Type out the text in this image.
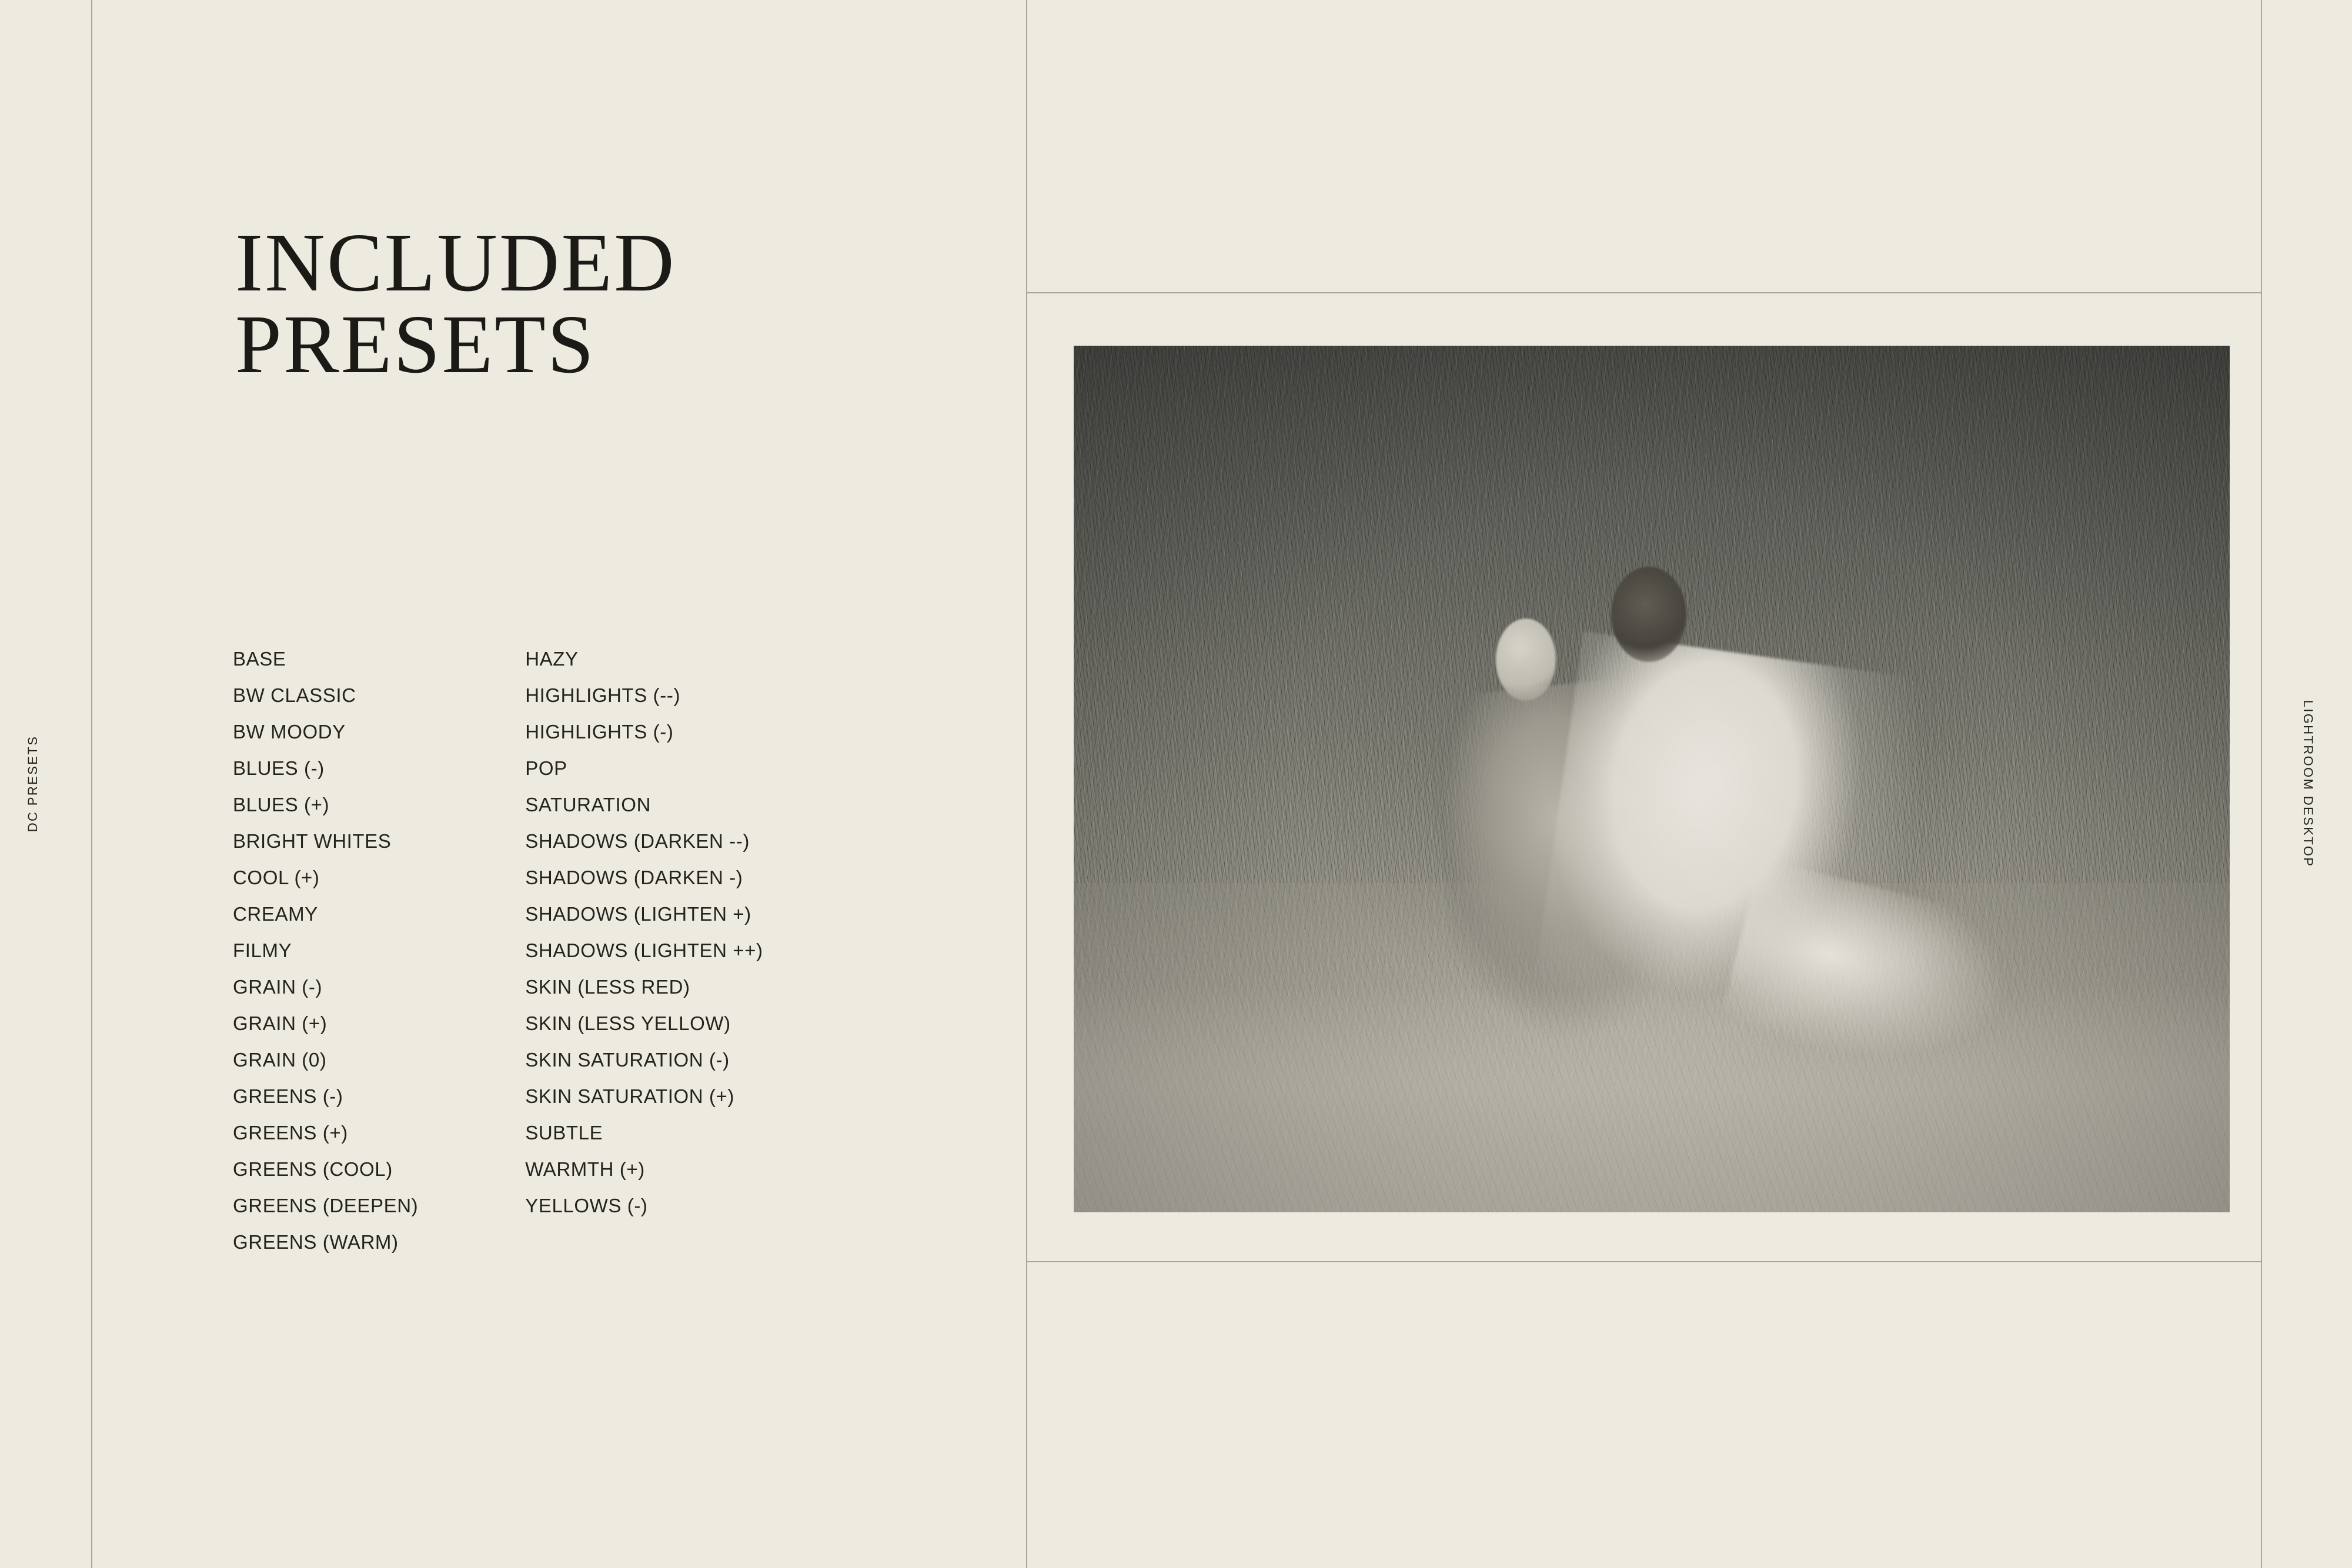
DC PRESETS	LIGHTROOM DESKTOP
INCLUDED
PRESETS
BASE
BW CLASSIC
BW MOODY
BLUES (-)
BLUES (+)
BRIGHT WHITES
COOL (+)
CREAMY
FILMY
GRAIN (-)
GRAIN (+)
GRAIN (0)
GREENS (-)
GREENS (+)
GREENS (COOL)
GREENS (DEEPEN)
GREENS (WARM)
HAZY
HIGHLIGHTS (--)
HIGHLIGHTS (-)
POP
SATURATION
SHADOWS (DARKEN --)
SHADOWS (DARKEN -)
SHADOWS (LIGHTEN +)
SHADOWS (LIGHTEN ++)
SKIN (LESS RED)
SKIN (LESS YELLOW)
SKIN SATURATION (-)
SKIN SATURATION (+)
SUBTLE
WARMTH (+)
YELLOWS (-)
